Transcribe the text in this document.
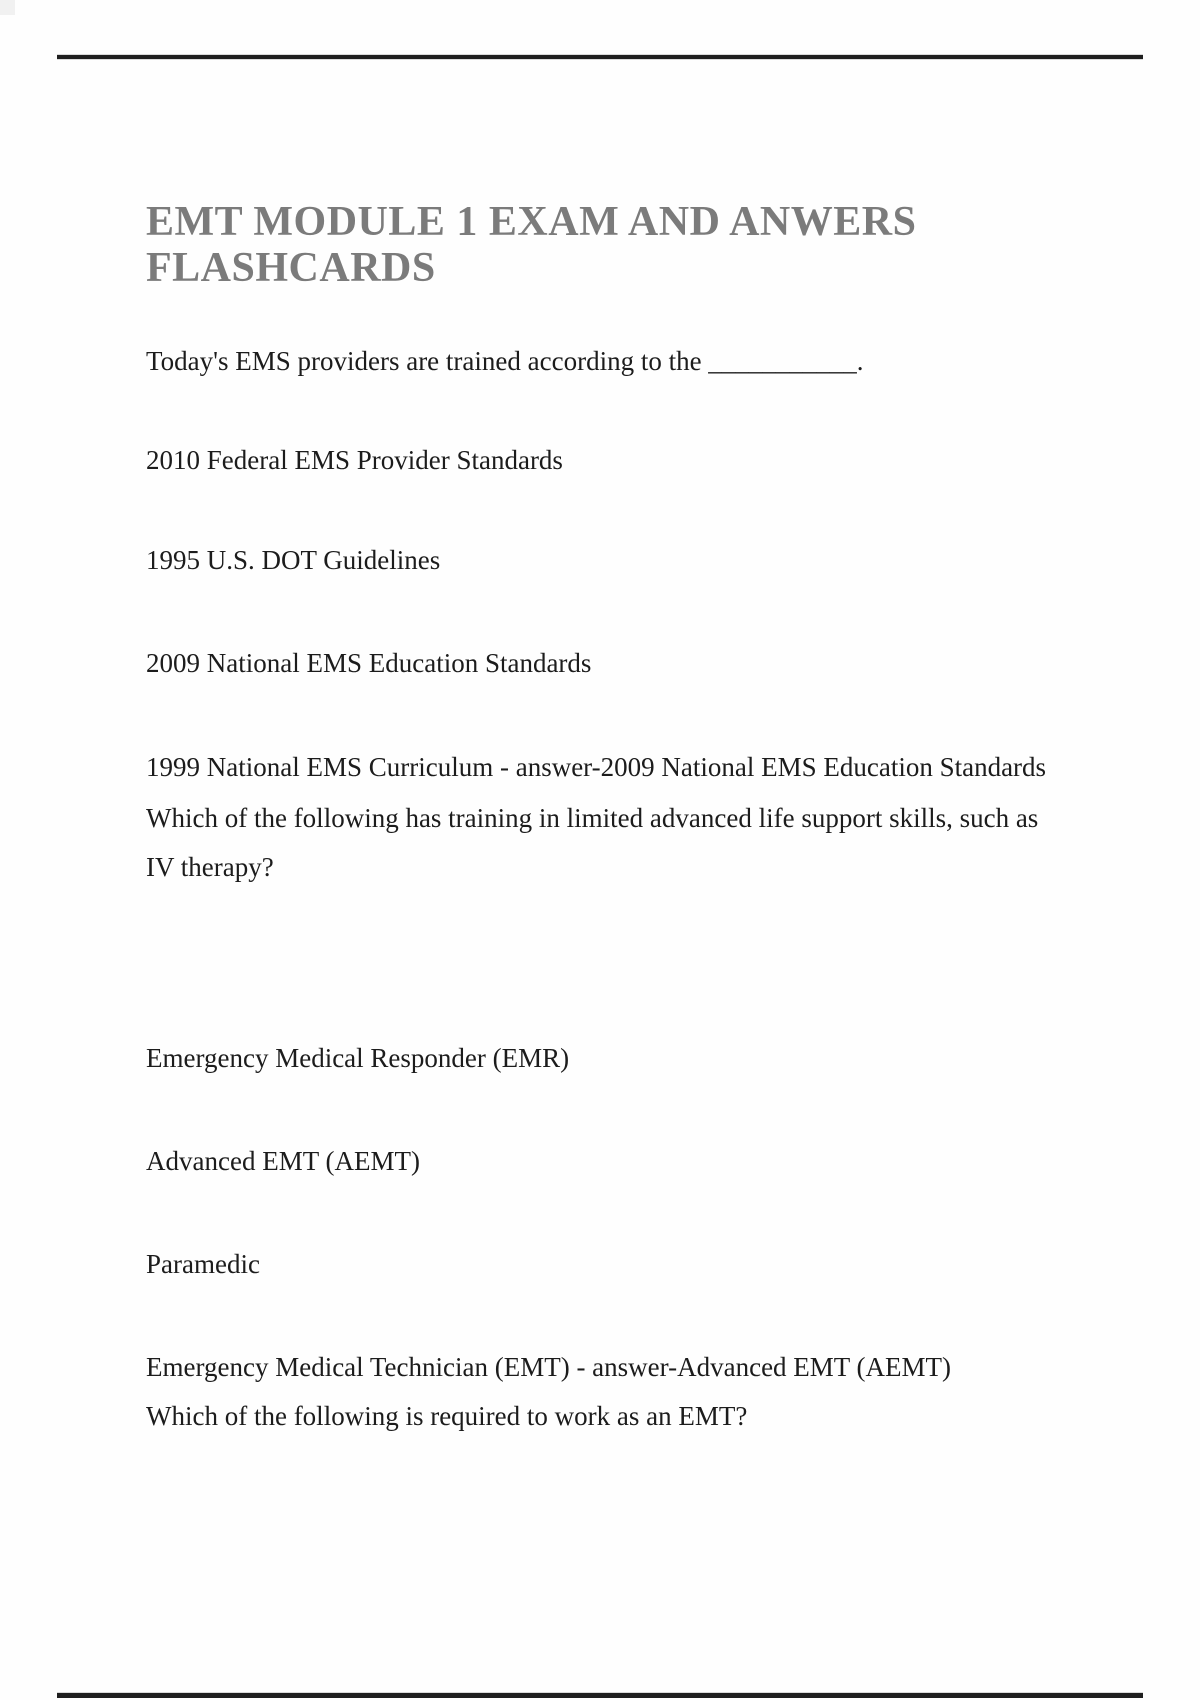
EMT MODULE 1 EXAM AND ANWERS
FLASHCARDS
Today's EMS providers are trained according to the ___________.
2010 Federal EMS Provider Standards
1995 U.S. DOT Guidelines
2009 National EMS Education Standards
1999 National EMS Curriculum - answer-2009 National EMS Education Standards
Which of the following has training in limited advanced life support skills, such as
IV therapy?
Emergency Medical Responder (EMR)
Advanced EMT (AEMT)
Paramedic
Emergency Medical Technician (EMT) - answer-Advanced EMT (AEMT)
Which of the following is required to work as an EMT?
